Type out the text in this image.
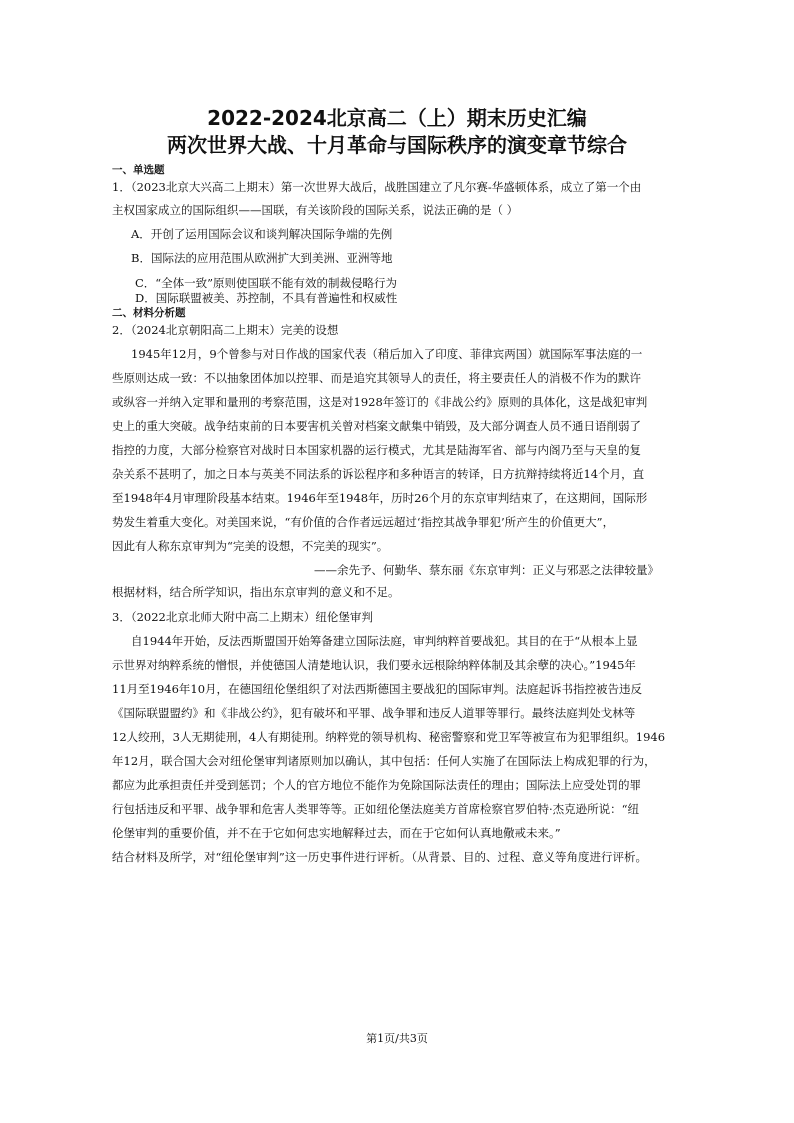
2022-2024北京高二（上）期末历史汇编
两次世界大战、十月革命与国际秩序的演变章节综合
一、单选题
1．（2023北京大兴高二上期末）第一次世界大战后，战胜国建立了凡尔赛-华盛顿体系，成立了第一个由
主权国家成立的国际组织——国联，有关该阶段的国际关系，说法正确的是（ ）
A．开创了运用国际会议和谈判解决国际争端的先例
B．国际法的应用范围从欧洲扩大到美洲、亚洲等地
C．“全体一致”原则使国联不能有效的制裁侵略行为
D．国际联盟被美、苏控制，不具有普遍性和权威性
二、材料分析题
2．（2024北京朝阳高二上期末）完美的设想
1945年12月，9个曾参与对日作战的国家代表（稍后加入了印度、菲律宾两国）就国际军事法庭的一
些原则达成一致：不以抽象团体加以控罪、而是追究其领导人的责任，将主要责任人的消极不作为的默许
或纵容一并纳入定罪和量刑的考察范围，这是对1928年签订的《非战公约》原则的具体化，这是战犯审判
史上的重大突破。战争结束前的日本要害机关曾对档案文献集中销毁，及大部分调查人员不通日语削弱了
指控的力度，大部分检察官对战时日本国家机器的运行模式，尤其是陆海军省、部与内阁乃至与天皇的复
杂关系不甚明了，加之日本与英美不同法系的诉讼程序和多种语言的转译，日方抗辩持续将近14个月，直
至1948年4月审理阶段基本结束。1946年至1948年，历时26个月的东京审判结束了，在这期间，国际形
势发生着重大变化。对美国来说，“有价值的合作者远远超过‘指控其战争罪犯’所产生的价值更大”，
因此有人称东京审判为“完美的设想，不完美的现实”。
——余先予、何勤华、蔡东丽《东京审判：正义与邪恶之法律较量》
根据材料，结合所学知识，指出东京审判的意义和不足。
3．（2022北京北师大附中高二上期末）纽伦堡审判
自1944年开始，反法西斯盟国开始筹备建立国际法庭，审判纳粹首要战犯。其目的在于“从根本上显
示世界对纳粹系统的憎恨，并使德国人清楚地认识，我们要永远根除纳粹体制及其余孽的决心。”1945年
11月至1946年10月，在德国纽伦堡组织了对法西斯德国主要战犯的国际审判。法庭起诉书指控被告违反
《国际联盟盟约》和《非战公约》，犯有破坏和平罪、战争罪和违反人道罪等罪行。最终法庭判处戈林等
12人绞刑，3人无期徒刑，4人有期徒刑。纳粹党的领导机构、秘密警察和党卫军等被宣布为犯罪组织。1946
年12月，联合国大会对纽伦堡审判诸原则加以确认，其中包括：任何人实施了在国际法上构成犯罪的行为，
都应为此承担责任并受到惩罚；个人的官方地位不能作为免除国际法责任的理由；国际法上应受处罚的罪
行包括违反和平罪、战争罪和危害人类罪等等。正如纽伦堡法庭美方首席检察官罗伯特·杰克逊所说：“纽
伦堡审判的重要价值，并不在于它如何忠实地解释过去，而在于它如何认真地儆戒未来。”
结合材料及所学，对“纽伦堡审判”这一历史事件进行评析。（从背景、目的、过程、意义等角度进行评析。
第1页/共3页
